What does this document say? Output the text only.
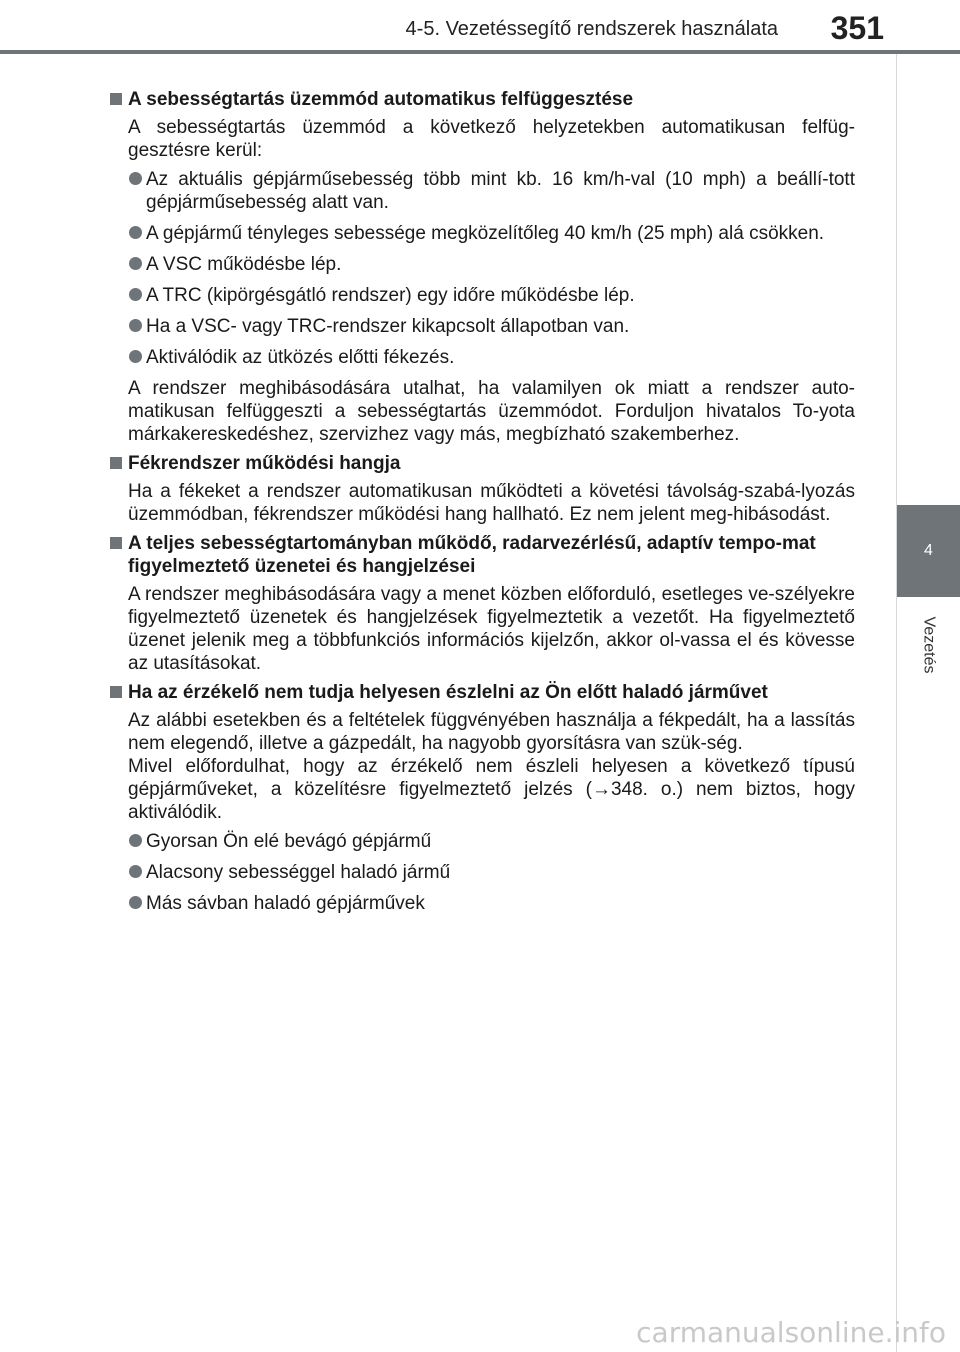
4-5. Vezetéssegítő rendszerek használata 351
4
Vezetés
A sebességtartás üzemmód automatikus felfüggesztése
A sebességtartás üzemmód a következő helyzetekben automatikusan felfüg-gesztésre kerül:
Az aktuális gépjárműsebesség több mint kb. 16 km/h-val (10 mph) a beállí-tott gépjárműsebesség alatt van.
A gépjármű tényleges sebessége megközelítőleg 40 km/h (25 mph) alá csökken.
A VSC működésbe lép.
A TRC (kipörgésgátló rendszer) egy időre működésbe lép.
Ha a VSC- vagy TRC-rendszer kikapcsolt állapotban van.
Aktiválódik az ütközés előtti fékezés.
A rendszer meghibásodására utalhat, ha valamilyen ok miatt a rendszer auto-matikusan felfüggeszti a sebességtartás üzemmódot. Forduljon hivatalos To-yota márkakereskedéshez, szervizhez vagy más, megbízható szakemberhez.
Fékrendszer működési hangja
Ha a fékeket a rendszer automatikusan működteti a követési távolság-szabá-lyozás üzemmódban, fékrendszer működési hang hallható. Ez nem jelent meg-hibásodást.
A teljes sebességtartományban működő, radarvezérlésű, adaptív tempo-mat figyelmeztető üzenetei és hangjelzései
A rendszer meghibásodására vagy a menet közben előforduló, esetleges ve-szélyekre figyelmeztető üzenetek és hangjelzések figyelmeztetik a vezetőt. Ha figyelmeztető üzenet jelenik meg a többfunkciós információs kijelzőn, akkor ol-vassa el és kövesse az utasításokat.
Ha az érzékelő nem tudja helyesen észlelni az Ön előtt haladó járművet
Az alábbi esetekben és a feltételek függvényében használja a fékpedált, ha a lassítás nem elegendő, illetve a gázpedált, ha nagyobb gyorsításra van szük-ség.
Mivel előfordulhat, hogy az érzékelő nem észleli helyesen a következő típusú gépjárműveket, a közelítésre figyelmeztető jelzés (→348. o.) nem biztos, hogy aktiválódik.
Gyorsan Ön elé bevágó gépjármű
Alacsony sebességgel haladó jármű
Más sávban haladó gépjárművek
carmanualsonline.info
